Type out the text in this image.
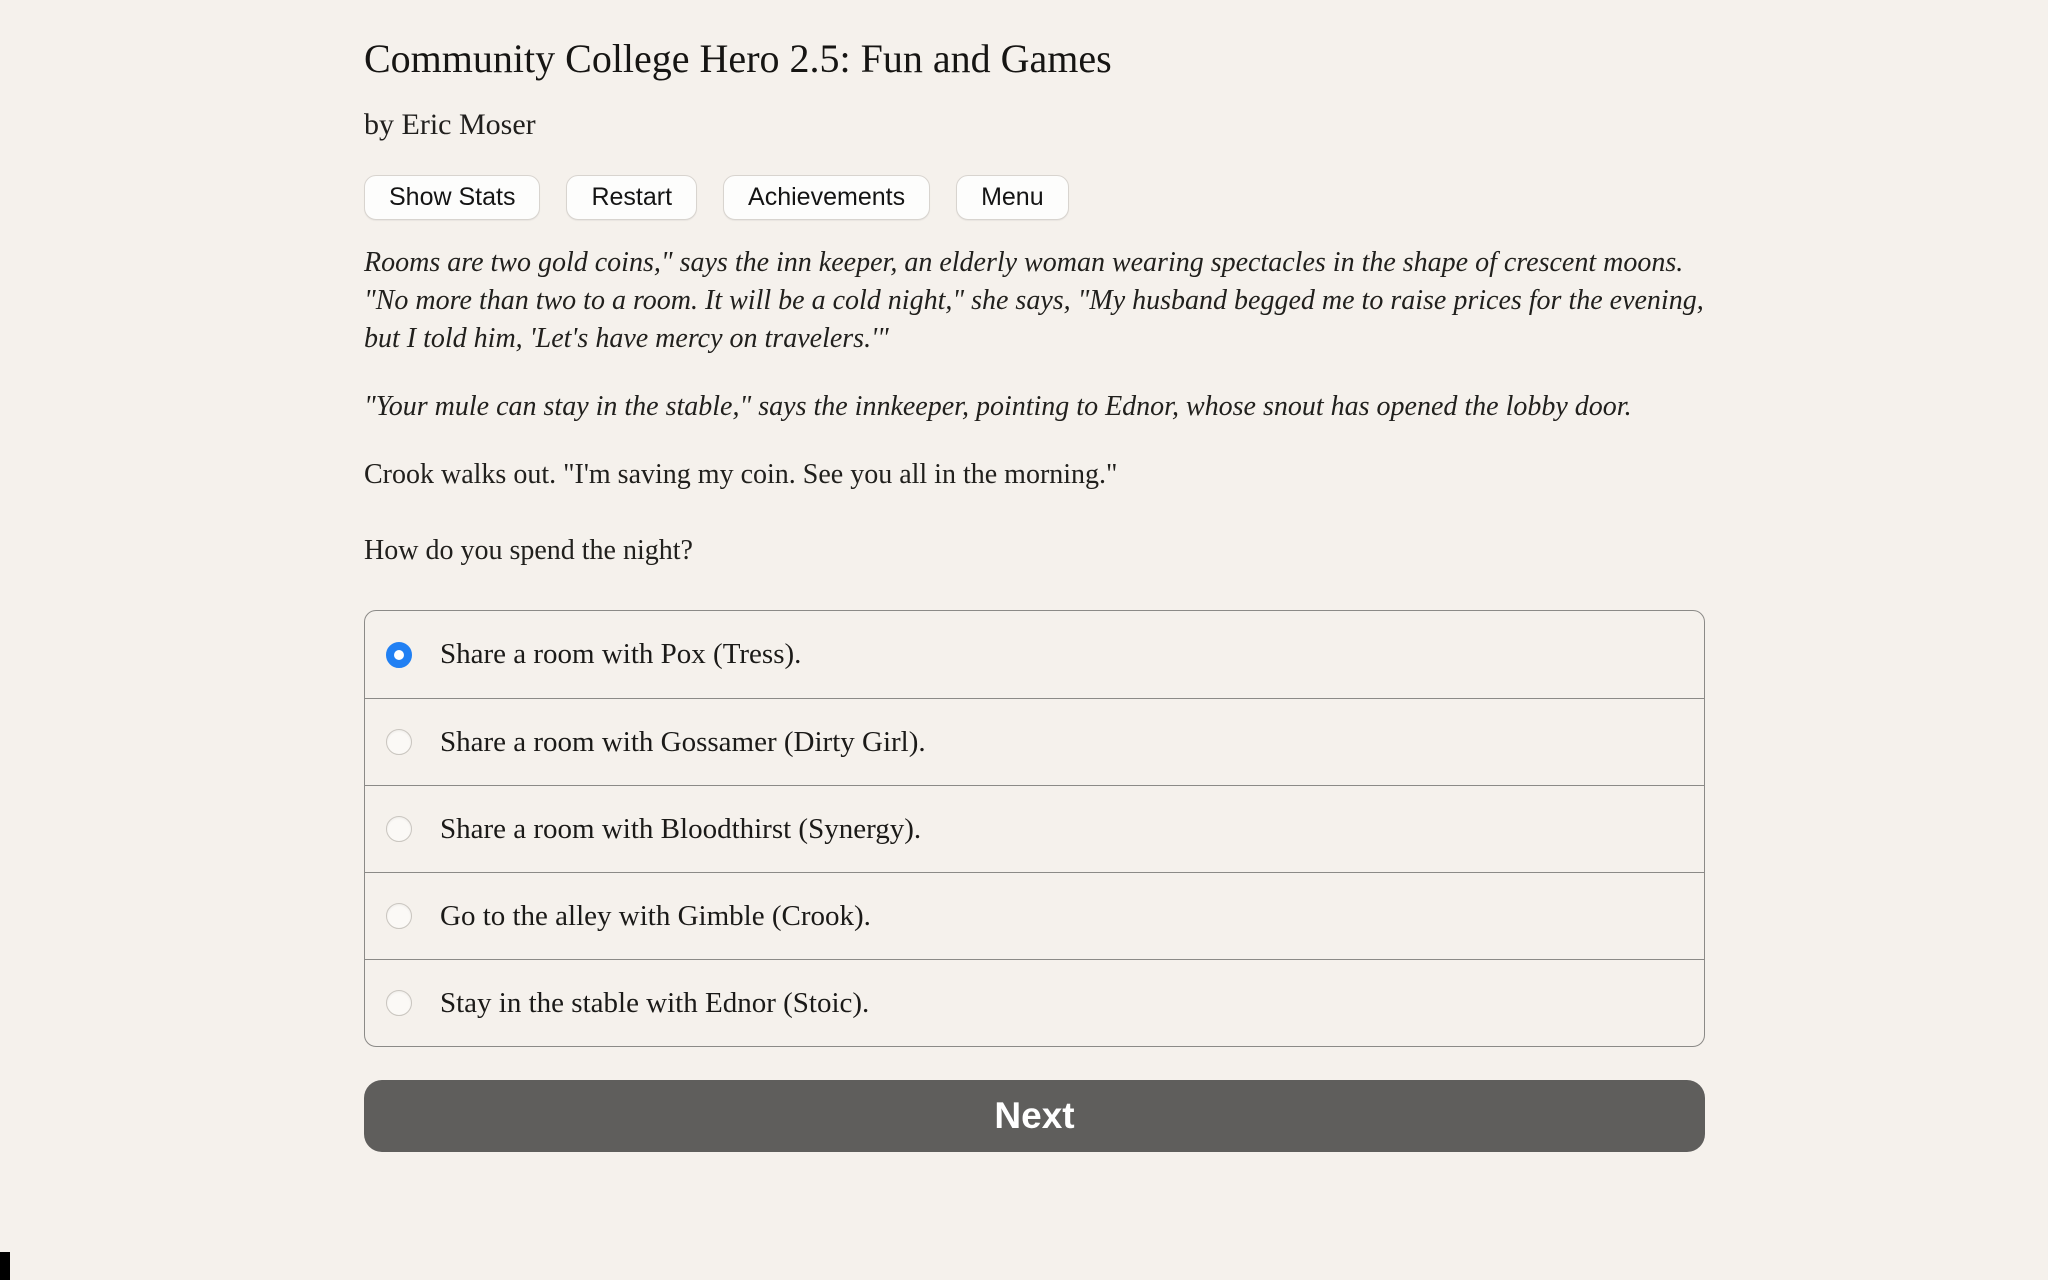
Community College Hero 2.5: Fun and Games
by Eric Moser
Show Stats	Restart	Achievements	Menu

Rooms are two gold coins," says the inn keeper, an elderly woman wearing spectacles in the shape of crescent moons. "No more than two to a room. It will be a cold night," she says, "My husband begged me to raise prices for the evening, but I told him, 'Let's have mercy on travelers.'"

"Your mule can stay in the stable," says the innkeeper, pointing to Ednor, whose snout has opened the lobby door.

Crook walks out. "I'm saving my coin. See you all in the morning."

How do you spend the night?

Share a room with Pox (Tress).
Share a room with Gossamer (Dirty Girl).
Share a room with Bloodthirst (Synergy).
Go to the alley with Gimble (Crook).
Stay in the stable with Ednor (Stoic).
Next
